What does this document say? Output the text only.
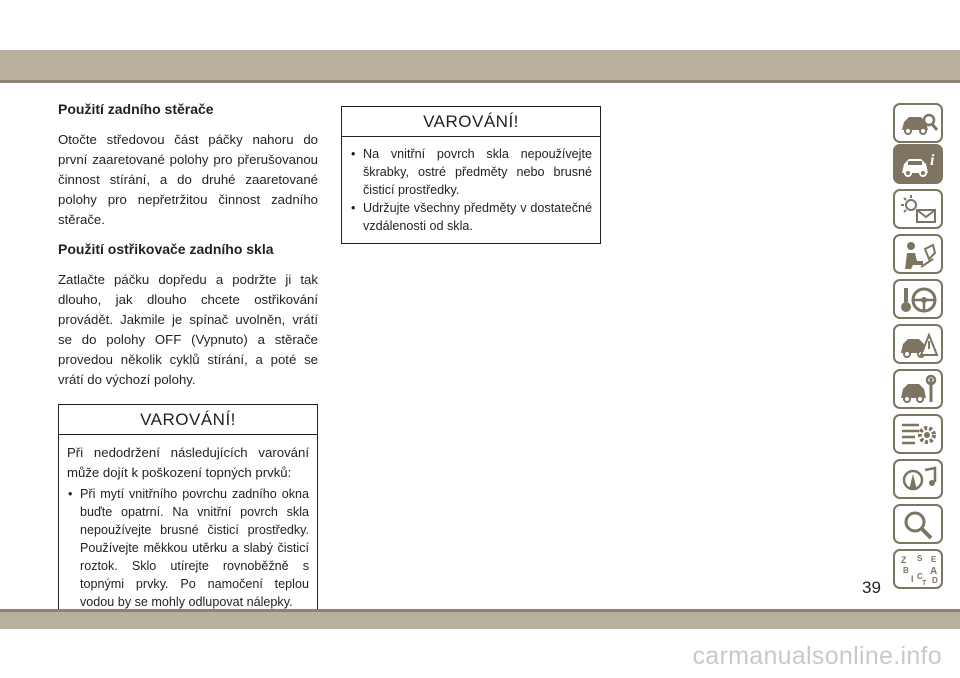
Použití zadního stěrače

Otočte středovou část páčky nahoru do první zaaretované polohy pro přerušovanou činnost stírání, a do druhé zaaretované polohy pro nepřetržitou činnost zadního stěrače.

Použití ostřikovače zadního skla

Zatlačte páčku dopředu a podržte ji tak dlouho, jak dlouho chcete ostřikování provádět. Jakmile je spínač uvolněn, vrátí se do polohy OFF (Vypnuto) a stěrače provedou několik cyklů stírání, a poté se vrátí do výchozí polohy.

VAROVÁNÍ!

Při nedodržení následujících varování může dojít k poškození topných prvků:

• Při mytí vnitřního povrchu zadního okna buďte opatrní. Na vnitřní povrch skla nepoužívejte brusné čisticí prostředky. Používejte měkkou utěrku a slabý čisticí roztok. Sklo utírejte rovnoběžně s topnými prvky. Po namočení teplou vodou by se mohly odlupovat nálepky.
VAROVÁNÍ!
• Na vnitřní povrch skla nepoužívejte škrabky, ostré předměty nebo brusné čisticí prostředky.
• Udržujte všechny předměty v dostatečné vzdálenosti od skla.
i
Z S E
B A
I C D
T
39
carmanualsonline.info
